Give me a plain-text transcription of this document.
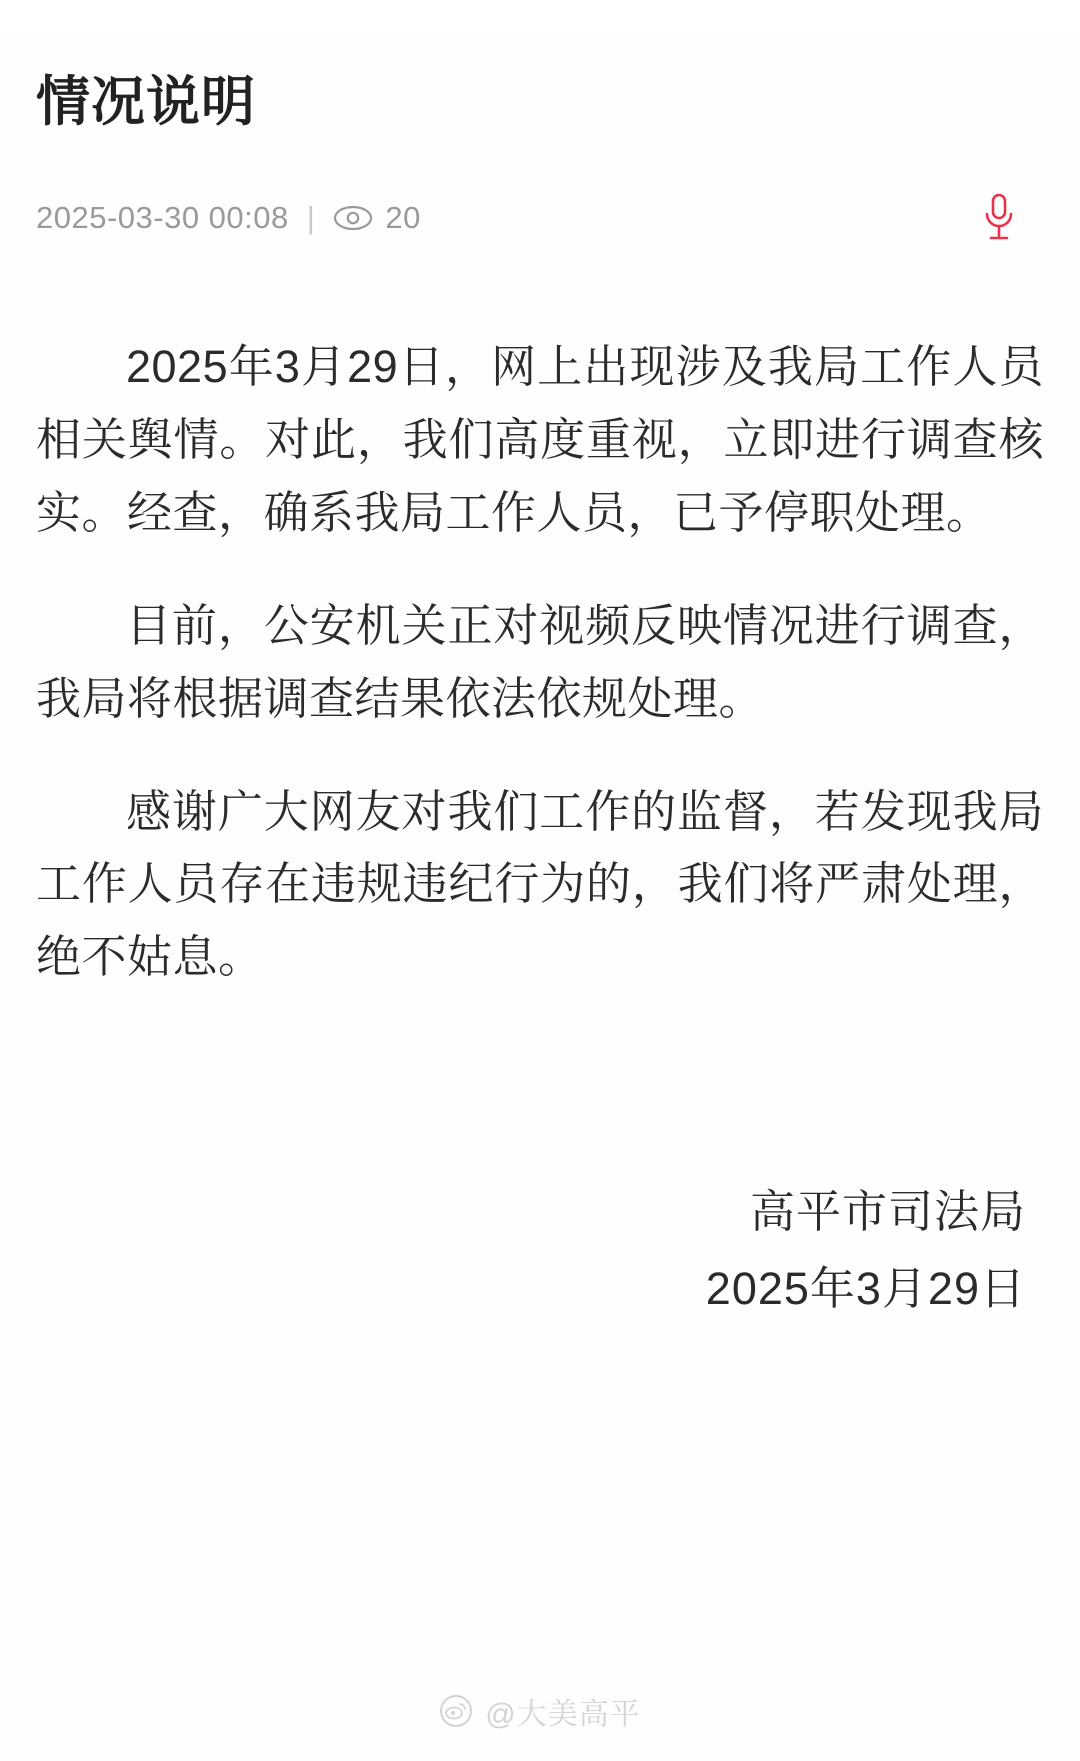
情况说明
2025-03-30 00:08 | 20

2025年3月29日，网上出现涉及我局工作人员相关舆情。对此，我们高度重视，立即进行调查核实。经查，确系我局工作人员，已予停职处理。

目前，公安机关正对视频反映情况进行调查，我局将根据调查结果依法依规处理。

感谢广大网友对我们工作的监督，若发现我局工作人员存在违规违纪行为的，我们将严肃处理，绝不姑息。

高平市司法局
2025年3月29日
@大美高平
